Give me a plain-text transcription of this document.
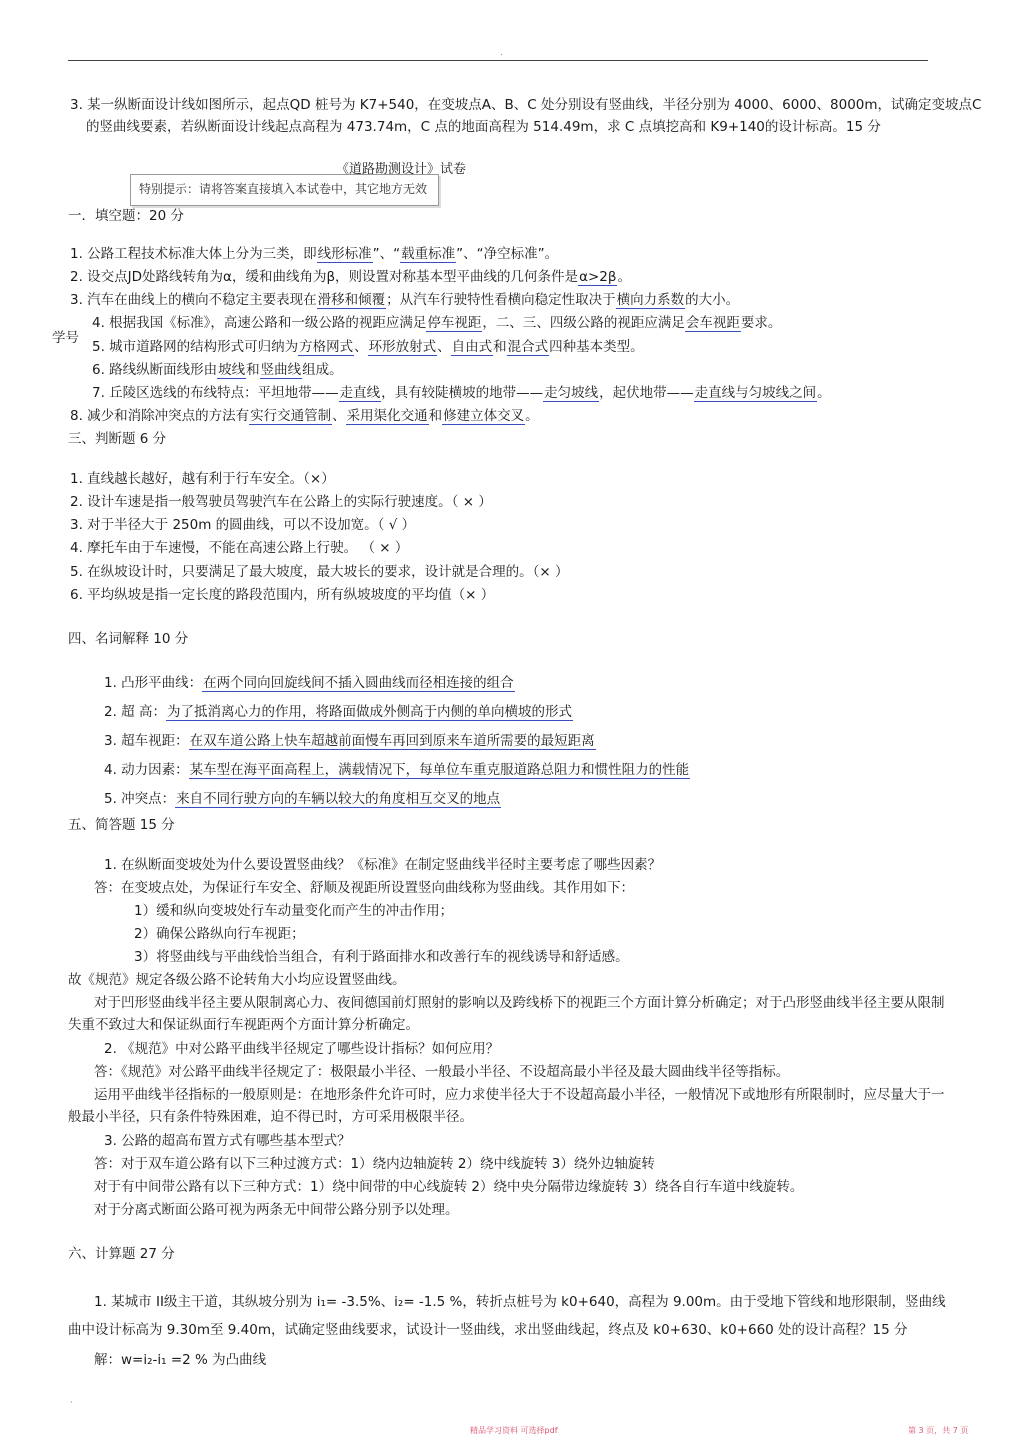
.
3. 某一纵断面设计线如图所示，起点QD 桩号为 K7+540，在变坡点A、B、C 处分别设有竖曲线，半径分别为 4000、6000、8000m，试确定变坡点C
的竖曲线要素，若纵断面设计线起点高程为 473.74m，C 点的地面高程为 514.49m，求 C 点填挖高和 K9+140的设计标高。15 分
《道路勘测设计》试卷
特别提示：请将答案直接填入本试卷中，其它地方无效
一．填空题：20 分
1. 公路工程技术标准大体上分为三类，即线形标准”、“载重标准”、“净空标准”。
2. 设交点JD处路线转角为α，缓和曲线角为β，则设置对称基本型平曲线的几何条件是α>2β。
3. 汽车在曲线上的横向不稳定主要表现在滑移和倾覆；从汽车行驶特性看横向稳定性取决于横向力系数的大小。
4. 根据我国《标准》，高速公路和一级公路的视距应满足停车视距，二、三、四级公路的视距应满足会车视距要求。
学号
5. 城市道路网的结构形式可归纳为方格网式、环形放射式、自由式和混合式四种基本类型。
6. 路线纵断面线形由坡线和竖曲线组成。
7. 丘陵区选线的布线特点：平坦地带——走直线，具有较陡横坡的地带——走匀坡线，起伏地带——走直线与匀坡线之间。
8. 减少和消除冲突点的方法有实行交通管制、采用渠化交通和修建立体交叉。
三、判断题 6 分
1. 直线越长越好，越有利于行车安全。（×）
2. 设计车速是指一般驾驶员驾驶汽车在公路上的实际行驶速度。（ × ）
3. 对于半径大于 250m 的圆曲线，可以不设加宽。（ √ ）
4. 摩托车由于车速慢，不能在高速公路上行驶。 （ × ）
5. 在纵坡设计时，只要满足了最大坡度，最大坡长的要求，设计就是合理的。（× ）
6. 平均纵坡是指一定长度的路段范围内，所有纵坡坡度的平均值（× ）
四、名词解释 10 分
1. 凸形平曲线：在两个同向回旋线间不插入圆曲线而径相连接的组合
2. 超 高：为了抵消离心力的作用，将路面做成外侧高于内侧的单向横坡的形式
3. 超车视距：在双车道公路上快车超越前面慢车再回到原来车道所需要的最短距离
4. 动力因素：某车型在海平面高程上，满载情况下，每单位车重克服道路总阻力和惯性阻力的性能
5. 冲突点：来自不同行驶方向的车辆以较大的角度相互交叉的地点
五、简答题 15 分
1. 在纵断面变坡处为什么要设置竖曲线？《标准》在制定竖曲线半径时主要考虑了哪些因素？
答：在变坡点处，为保证行车安全、舒顺及视距所设置竖向曲线称为竖曲线。其作用如下：
1）缓和纵向变坡处行车动量变化而产生的冲击作用；
2）确保公路纵向行车视距；
3）将竖曲线与平曲线恰当组合，有利于路面排水和改善行车的视线诱导和舒适感。
故《规范》规定各级公路不论转角大小均应设置竖曲线。
对于凹形竖曲线半径主要从限制离心力、夜间德国前灯照射的影响以及跨线桥下的视距三个方面计算分析确定；对于凸形竖曲线半径主要从限制失重不致过大和保证纵面行车视距两个方面计算分析确定。
2. 《规范》中对公路平曲线半径规定了哪些设计指标？如何应用？
答：《规范》对公路平曲线半径规定了：极限最小半径、一般最小半径、不设超高最小半径及最大圆曲线半径等指标。
运用平曲线半径指标的一般原则是：在地形条件允许可时，应力求使半径大于不设超高最小半径，一般情况下或地形有所限制时，应尽量大于一般最小半径，只有条件特殊困难，迫不得已时，方可采用极限半径。
3. 公路的超高布置方式有哪些基本型式？
答：对于双车道公路有以下三种过渡方式：1）绕内边轴旋转 2）绕中线旋转 3）绕外边轴旋转
对于有中间带公路有以下三种方式：1）绕中间带的中心线旋转 2）绕中央分隔带边缘旋转 3）绕各自行车道中线旋转。
对于分离式断面公路可视为两条无中间带公路分别予以处理。
六、计算题 27 分
1. 某城市 II级主干道，其纵坡分别为 i₁= -3.5%、i₂= -1.5 %，转折点桩号为 k0+640，高程为 9.00m。由于受地下管线和地形限制，竖曲线曲中设计标高为 9.30m至 9.40m，试确定竖曲线要求，试设计一竖曲线，求出竖曲线起，终点及 k0+630、k0+660 处的设计高程？15 分
解：w=i₂-i₁ =2 % 为凸曲线
·
精品学习资料 可选择pdf	第 3 页，共 7 页
